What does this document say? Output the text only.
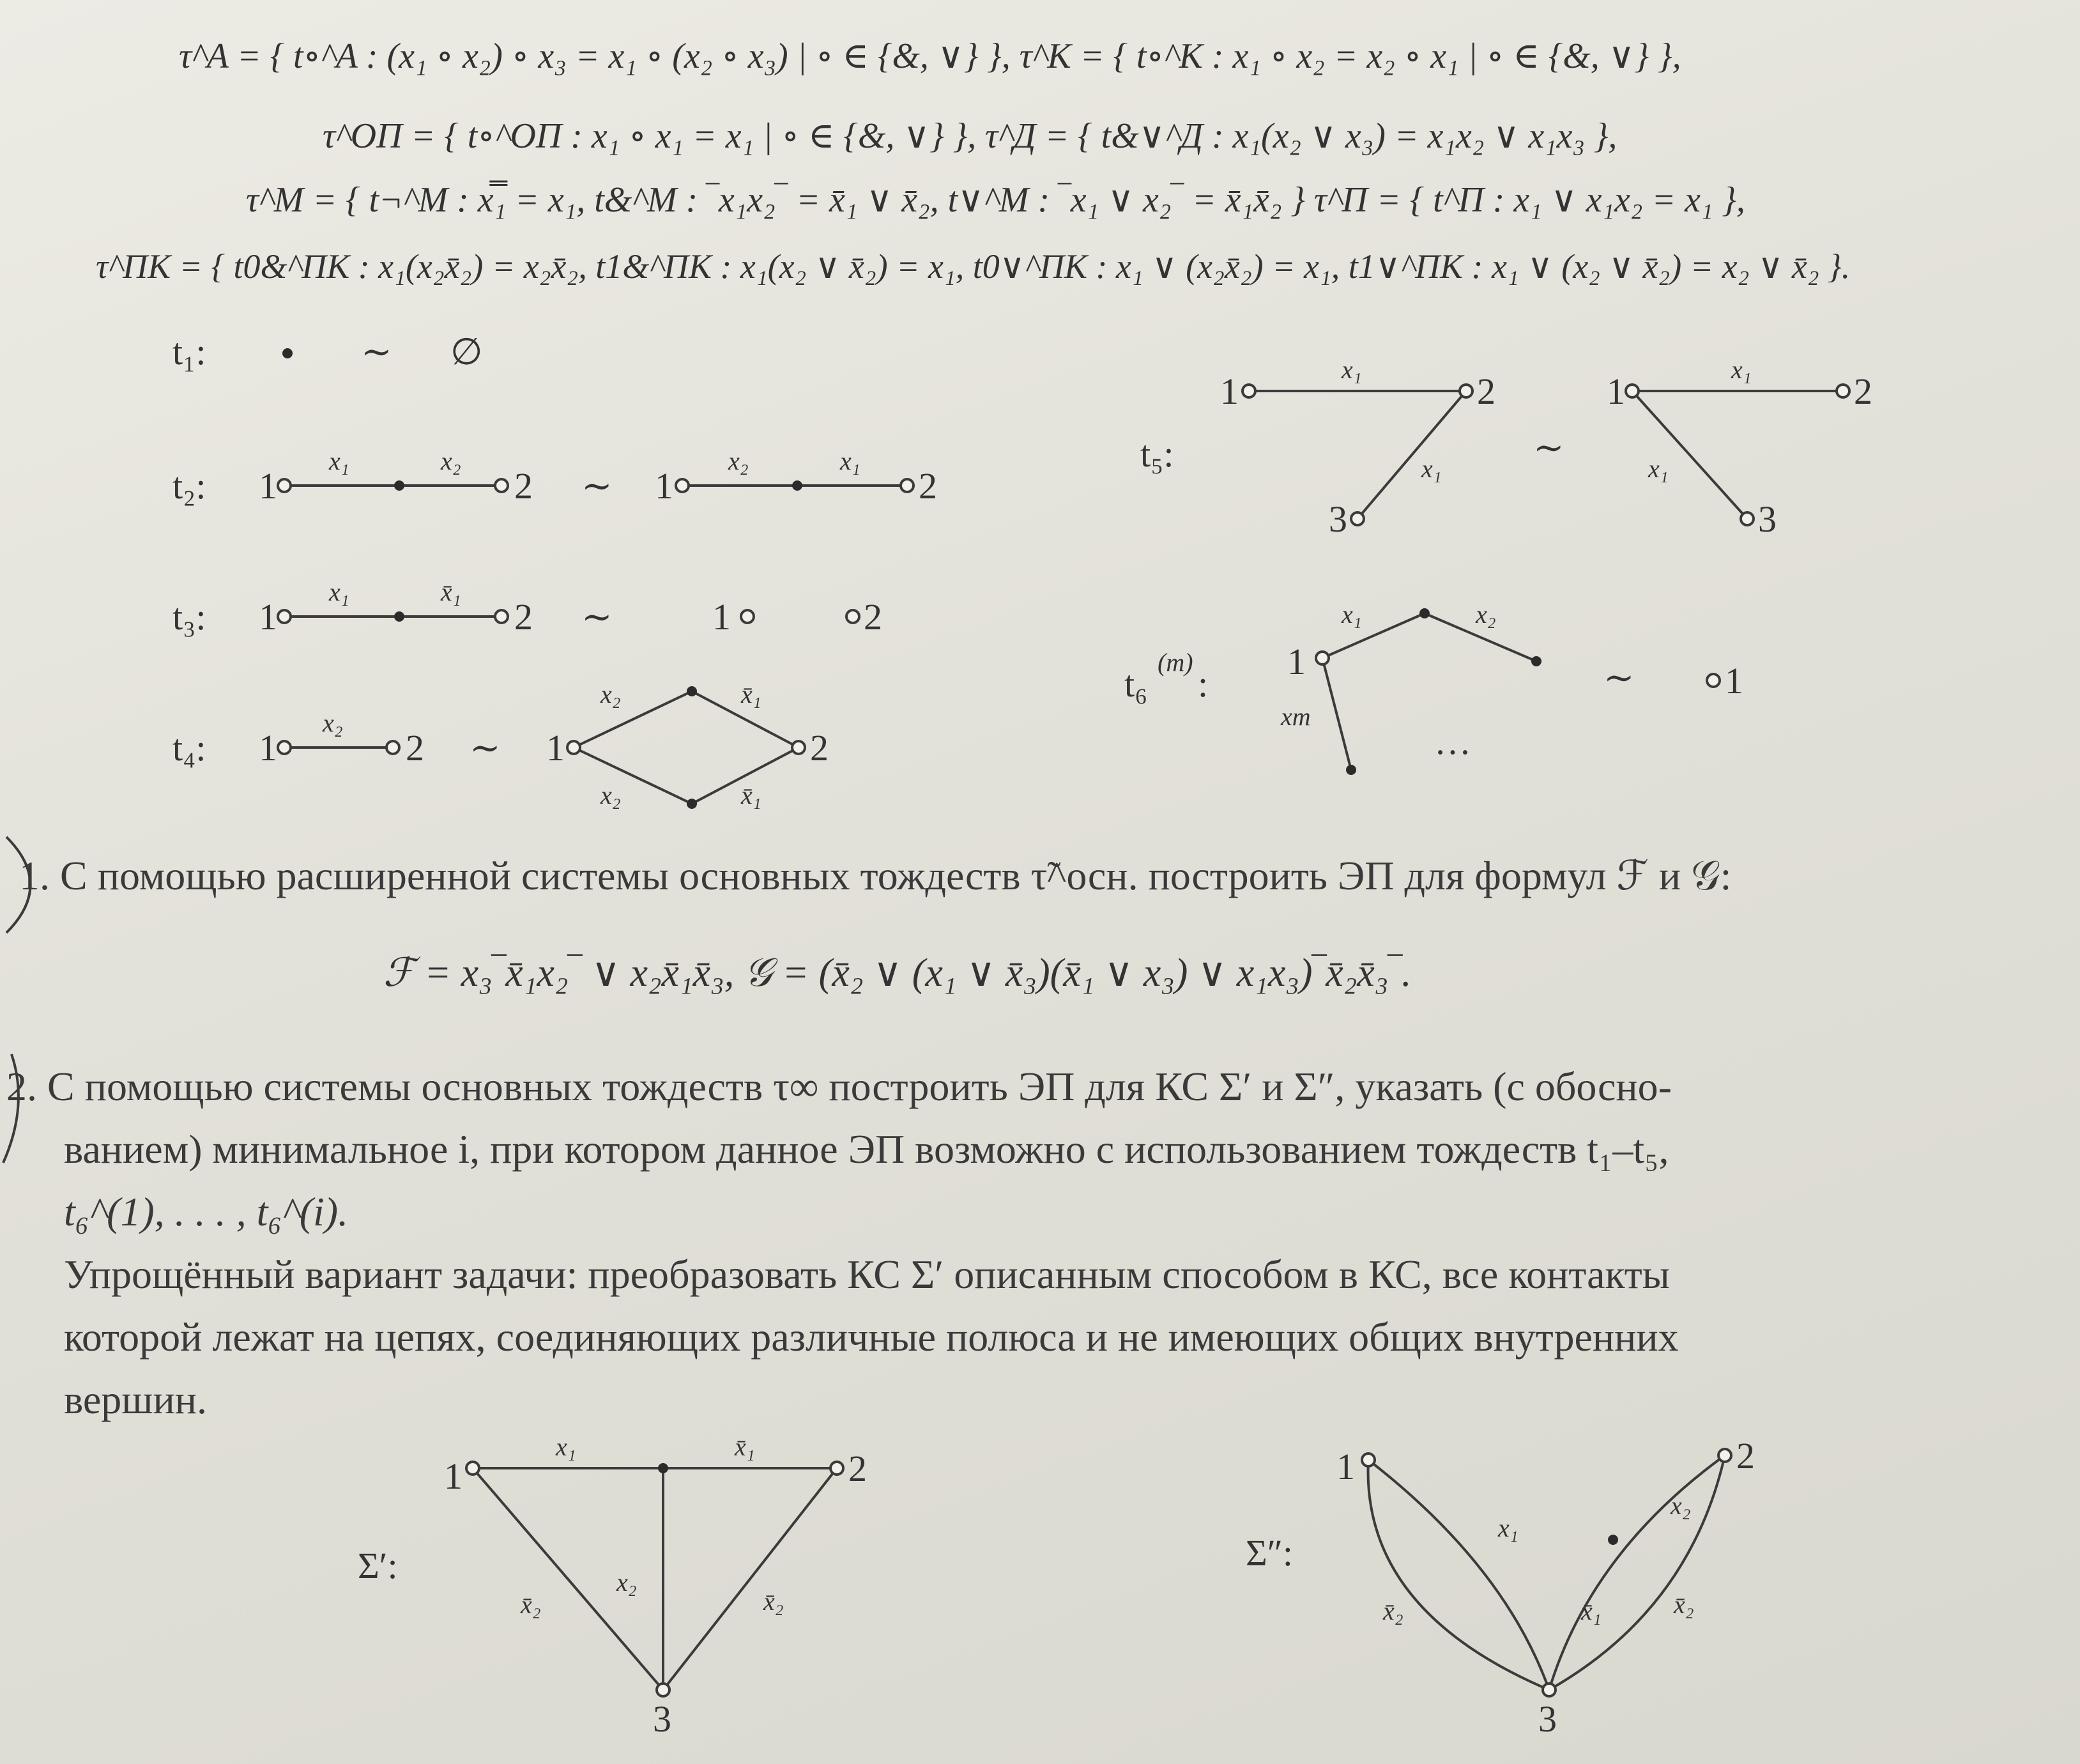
τ^A = { t∘^A : (x₁ ∘ x₂) ∘ x₃ = x₁ ∘ (x₂ ∘ x₃) | ∘ ∈ {&, ∨} }, τ^K = { t∘^K : x₁ ∘ x₂ = x₂ ∘ x₁ | ∘ ∈ {&, ∨} },
τ^ОП = { t∘^ОП : x₁ ∘ x₁ = x₁ | ∘ ∈ {&, ∨} }, τ^Д = { t&∨^Д : x₁(x₂ ∨ x₃) = x₁x₂ ∨ x₁x₃ },
τ^M = { t¬^M : x̿₁ = x₁, t&^M : ‾x₁x₂‾ = x̄₁ ∨ x̄₂, t∨^M : ‾x₁ ∨ x₂‾ = x̄₁x̄₂ } τ^П = { t^П : x₁ ∨ x₁x₂ = x₁ },
τ^ПК = { t0&^ПК : x₁(x₂x̄₂) = x₂x̄₂, t1&^ПК : x₁(x₂ ∨ x̄₂) = x₁, t0∨^ПК : x₁ ∨ (x₂x̄₂) = x₁, t1∨^ПК : x₁ ∨ (x₂ ∨ x̄₂) = x₂ ∨ x̄₂ }.
t₁:	∼ ∅
t₂: 1
x₁	x₂
2 ∼ 1
x₂	x₁
2
t₃: 1
x₁	x̄₁
2 ∼	1	2
t₄: 1
x₂
2 ∼ 1
x₂	x̄₁
x₂	x̄₁
2
t₅:
1
x₁
x₁
2
3
∼
1
x₁
x₁
2
3
t₆
(m)
:
1
x₁	x₂
xm
…
∼ 1
1. С помощью расширенной системы основных тождеств τ̃^осн. построить ЭП для формул ℱ и 𝒢:
ℱ = x₃‾x̄₁x₂‾ ∨ x₂x̄₁x̄₃, 𝒢 = (x̄₂ ∨ (x₁ ∨ x̄₃)(x̄₁ ∨ x₃) ∨ x₁x₃)‾x̄₂x̄₃‾.
2. С помощью системы основных тождеств τ∞ построить ЭП для КС Σ′ и Σ″, указать (с обосно-
ванием) минимальное i, при котором данное ЭП возможно с использованием тождеств t₁–t₅,
t₆^(1), . . . , t₆^(i).
Упрощённый вариант задачи: преобразовать КС Σ′ описанным способом в КС, все контакты
которой лежат на цепях, соединяющих различные полюса и не имеющих общих внутренних
вершин.
Σ′:
1
x₁	x̄₁
x₂
x̄₂	x̄₂
2
3
Σ″:
1
x₁
x̄₂
x₂
x̄₁	x̄₂
2
3
